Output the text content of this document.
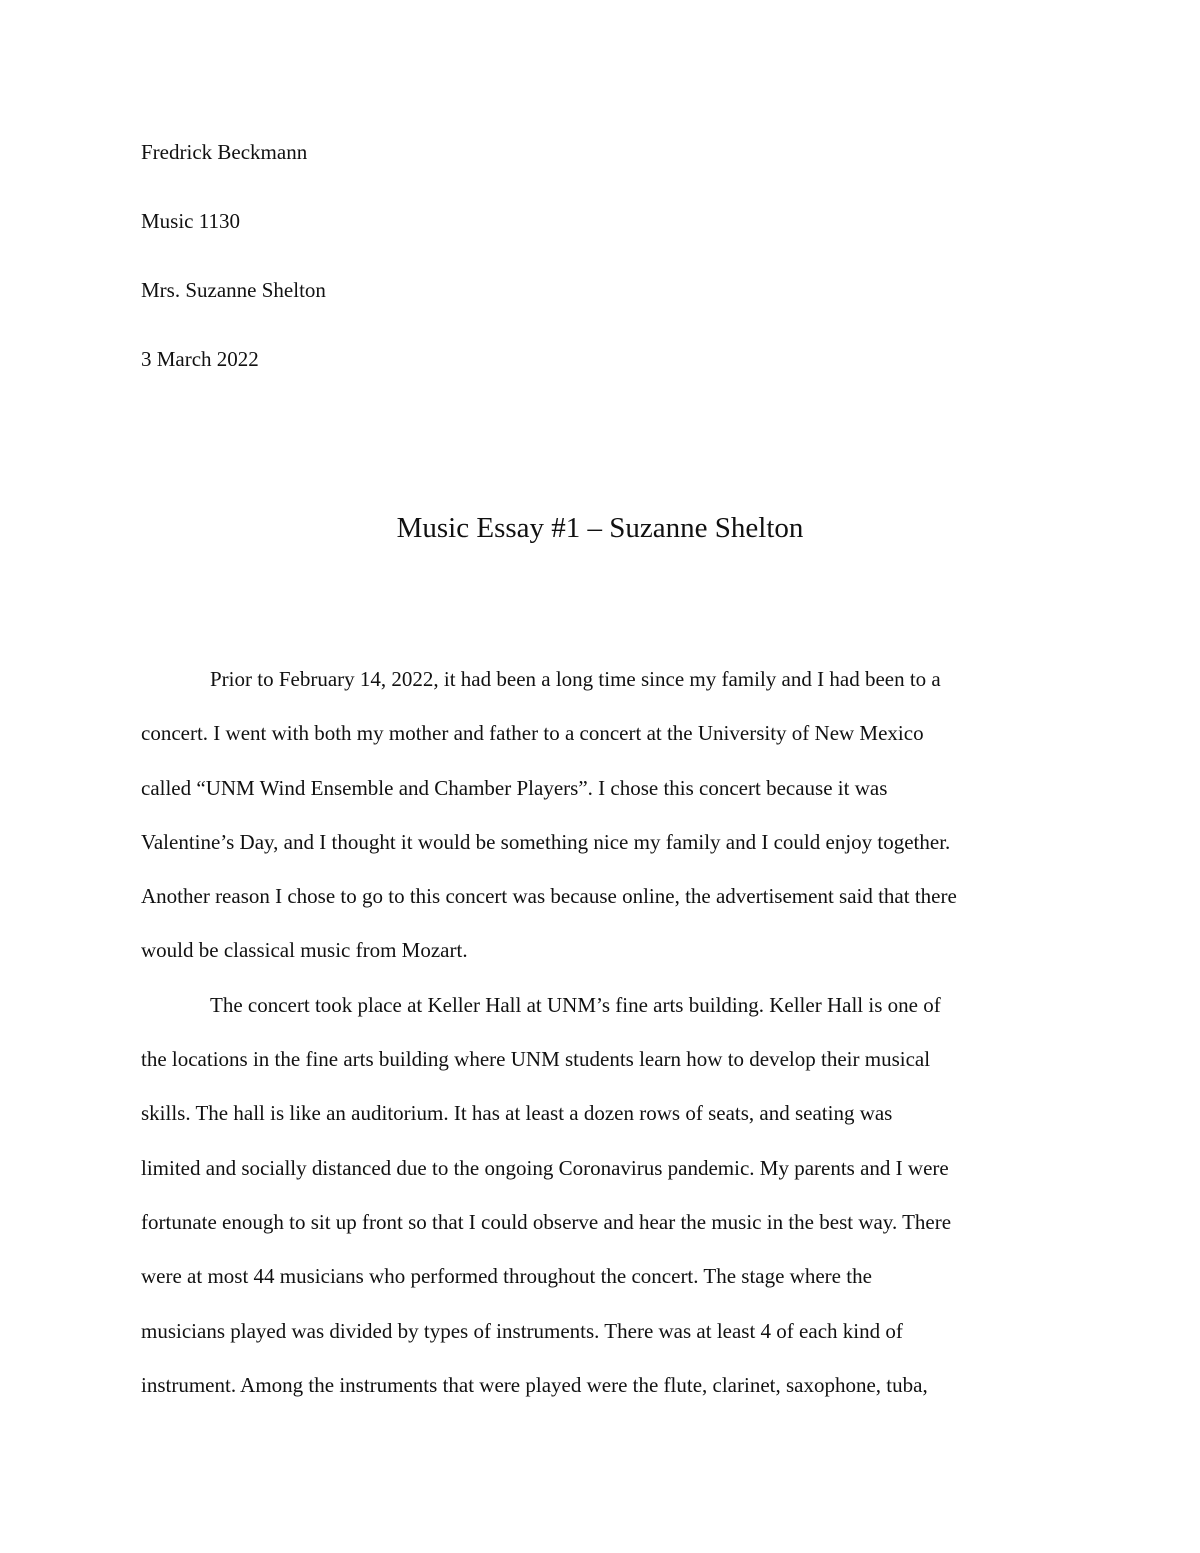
Fredrick Beckmann
Music 1130
Mrs. Suzanne Shelton
3 March 2022
Music Essay #1 – Suzanne Shelton
Prior to February 14, 2022, it had been a long time since my family and I had been to a
concert. I went with both my mother and father to a concert at the University of New Mexico
called “UNM Wind Ensemble and Chamber Players”. I chose this concert because it was
Valentine’s Day, and I thought it would be something nice my family and I could enjoy together.
Another reason I chose to go to this concert was because online, the advertisement said that there
would be classical music from Mozart.
The concert took place at Keller Hall at UNM’s fine arts building. Keller Hall is one of
the locations in the fine arts building where UNM students learn how to develop their musical
skills. The hall is like an auditorium. It has at least a dozen rows of seats, and seating was
limited and socially distanced due to the ongoing Coronavirus pandemic. My parents and I were
fortunate enough to sit up front so that I could observe and hear the music in the best way. There
were at most 44 musicians who performed throughout the concert. The stage where the
musicians played was divided by types of instruments. There was at least 4 of each kind of
instrument. Among the instruments that were played were the flute, clarinet, saxophone, tuba,
